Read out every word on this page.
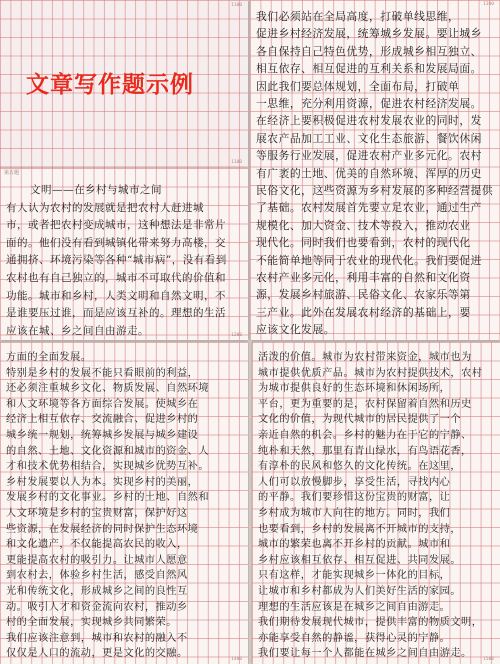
1100
1100
文章写作题示例
第五题
1200
文明——在乡村与城市之间
有人认为农村的发展就是把农村人赶进城
市，或者把农村变成城市，这种想法是非常片
面的。他们没有看到城镇化带来努力高楼，交
通拥挤、环境污染等各种“城市病”，没有看到
农村也有自己独立的，城市不可取代的价值和
功能。城市和乡村，人类文明和自然文明，不
是谁要压过谁，而是应该互补的。理想的生活
应该在城、乡之间自由游走。
1300
我们必须站在全局高度，打破单线思维，
促进乡村经济发展，统筹城乡发展。要让城乡
各自保持自己特色优势，形成城乡相互独立、
相互依存、相互促进的互利关系和发展局面。
因此我们要总体规划，全面布局，打破单
一思维，充分利用资源，促进农村经济发展。
在经济上要积极促进农村发展农业的同时，发
展农产品加工工业、文化生态旅游、餐饮休闲
等服务行业发展，促进农村产业多元化。农村
有广袤的土地、优美的自然环境、浑厚的历史
民俗文化，这些资源为乡村发展的多种经营提供
了基础。农村发展首先要立足农业，通过生产
规模化、加大资金、技术等投入，推动农业
现代化。同时我们也要看到，农村的现代化
不能简单地等同于农业的现代化。我们要促进
农村产业多元化，利用丰富的自然和文化资
源，发展乡村旅游、民俗文化、农家乐等第
三产业。此外在发展农村经济的基础上，要
应该文化发展。
1400
方面的全面发展。
特别是乡村的发展不能只看眼前的利益，
还必须注重城乡文化、物质发展、自然环境
和人文环境等各方面综合发展。使城乡在
经济上相互依存、交流融合、促进乡村的
城乡统一规划，统筹城乡发展与城乡建设
的自然、土地、文化资源和城市的资金、人
才和技术优势相结合，实现城乡优势互补。
乡村发展要以人为本。实现乡村的美丽，
发展乡村的文化事业。乡村的土地、自然和
人文环境是乡村的宝贵财富，保护好这
些资源，在发展经济的同时保护生态环境
和文化遗产，不仅能提高农民的收入，
更能提高农村的吸引力。让城市人愿意
到农村去，体验乡村生活，感受自然风
光和传统文化，形成城乡之间的良性互
动。吸引人才和资金流向农村，推动乡
村的全面发展，实现城乡共同繁荣。
我们应该注意到，城市和农村的融入不
仅仅是人口的流动，更是文化的交融。
1500
活泼的价值。城市为农村带来资金，城市也为
城市提供优质产品。城市为农村提供技术，农村
为城市提供良好的生态环境和休闲场所，
平台，更为重要的是，农村保留着自然和历史
文化的价值，为现代城市的居民提供了一个
亲近自然的机会。乡村的魅力在于它的宁静、
纯朴和天然，那里有青山绿水，有鸟语花香，
有淳朴的民风和悠久的文化传统。在这里，
人们可以放慢脚步，享受生活，寻找内心
的平静。我们要珍惜这份宝贵的财富，让
乡村成为城市人向往的地方。同时，我们
也要看到，乡村的发展离不开城市的支持，
城市的繁荣也离不开乡村的贡献。城市和
乡村应该相互依存、相互促进、共同发展。
只有这样，才能实现城乡一体化的目标，
让城市和乡村都成为人们美好生活的家园。
理想的生活应该是在城乡之间自由游走。
我们期待发展现代城市，提供丰富的物质文明，
亦能享受自然的静谧，获得心灵的宁静。
我们要让每一个人都能在城乡之间自由游走。
